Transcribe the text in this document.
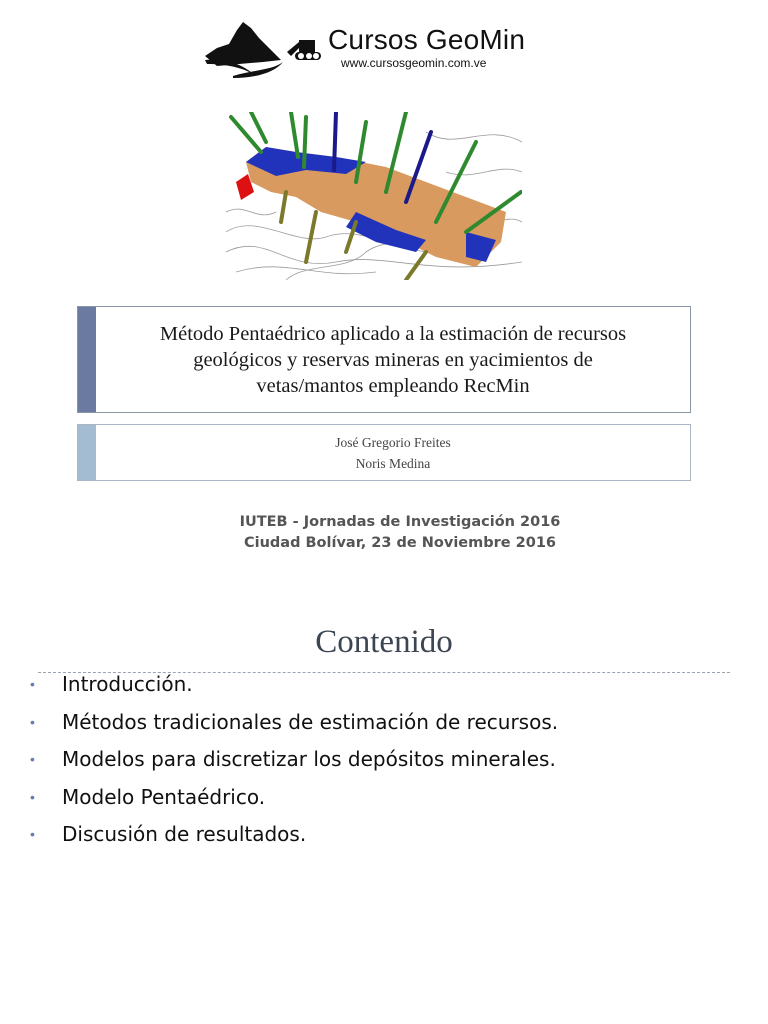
Cursos GeoMin
www.cursosgeomin.com.ve
Método Pentaédrico aplicado a la estimación de recursos
geológicos y reservas mineras en yacimientos de
vetas/mantos empleando RecMin
José Gregorio Freites
Noris Medina
IUTEB - Jornadas de Investigación 2016
Ciudad Bolívar, 23 de Noviembre 2016
Contenido
• Introducción.
• Métodos tradicionales de estimación de recursos.
• Modelos para discretizar los depósitos minerales.
• Modelo Pentaédrico.
• Discusión de resultados.
